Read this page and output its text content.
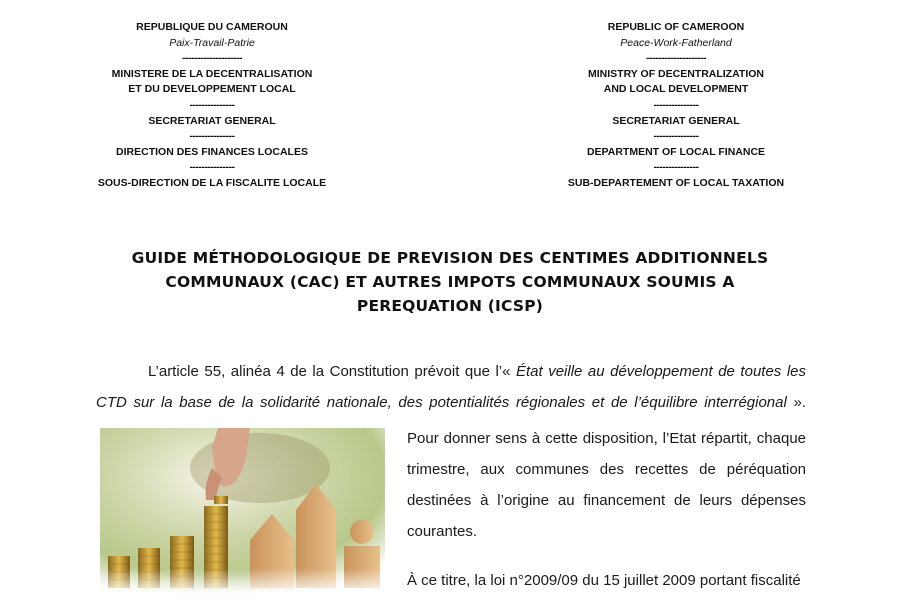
REPUBLIQUE DU CAMEROUN
Paix-Travail-Patrie
--------------------
MINISTERE DE LA DECENTRALISATION
ET DU DEVELOPPEMENT LOCAL
---------------
SECRETARIAT GENERAL
---------------
DIRECTION DES FINANCES LOCALES
---------------
SOUS-DIRECTION DE LA FISCALITE LOCALE
REPUBLIC OF CAMEROON
Peace-Work-Fatherland
--------------------
MINISTRY OF DECENTRALIZATION
AND LOCAL DEVELOPMENT
---------------
SECRETARIAT GENERAL
---------------
DEPARTMENT OF LOCAL FINANCE
---------------
SUB-DEPARTEMENT OF LOCAL TAXATION
GUIDE MÉTHODOLOGIQUE DE PREVISION DES CENTIMES ADDITIONNELS
COMMUNAUX (CAC) ET AUTRES IMPOTS COMMUNAUX SOUMIS A
PEREQUATION (ICSP)
L’article 55, alinéa 4 de la Constitution prévoit que l’« État veille au développement de toutes les
CTD sur la base de la solidarité nationale, des potentialités régionales et de l’équilibre interrégional ».
Pour donner sens à cette disposition, l’Etat répartit, chaque
trimestre, aux communes des recettes de péréquation
destinées à l’origine au financement de leurs dépenses
courantes.
À ce titre, la loi n°2009/09 du 15 juillet 2009 portant fiscalité
